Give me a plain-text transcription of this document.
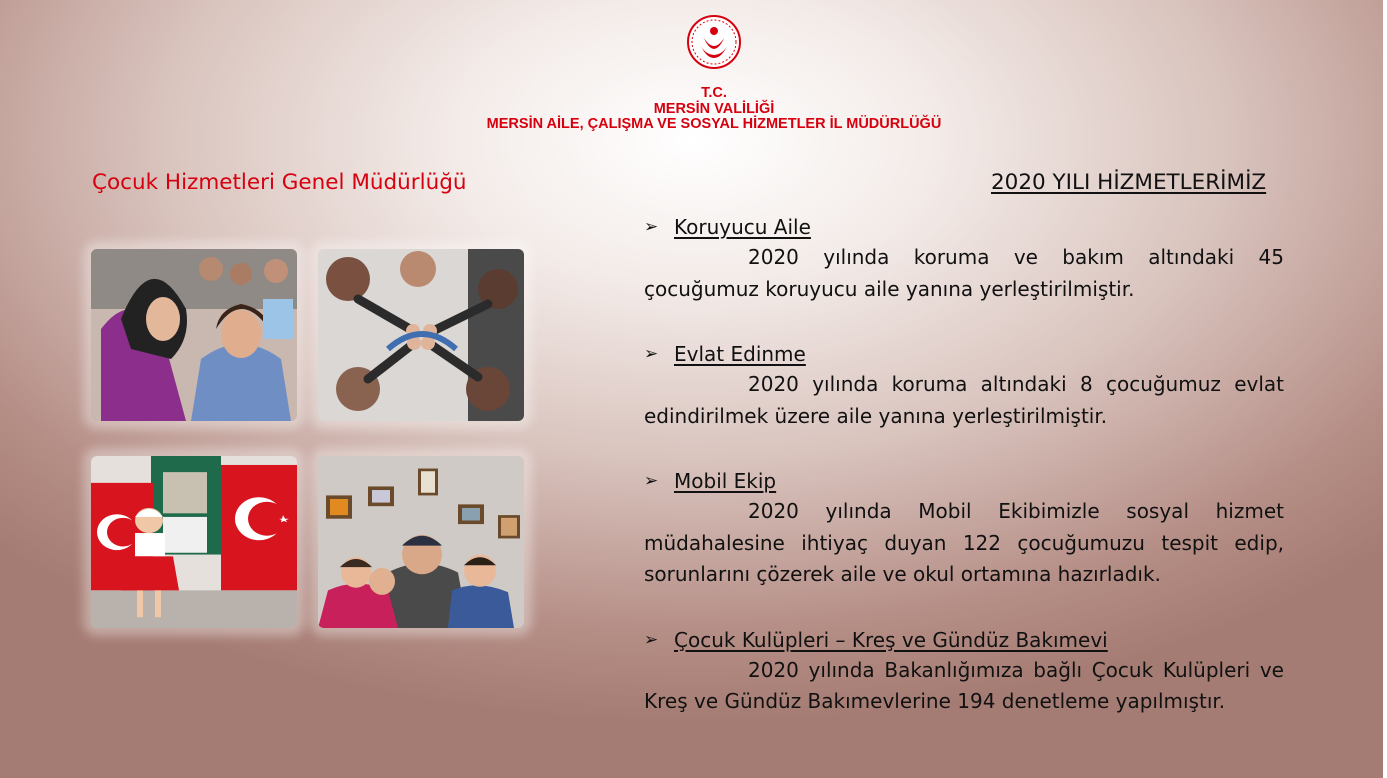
T.C.
MERSİN VALİLİĞİ
MERSİN AİLE, ÇALIŞMA VE SOSYAL HİZMETLER İL MÜDÜRLÜĞÜ
Çocuk Hizmetleri Genel Müdürlüğü	2020 YILI HİZMETLERİMİZ
➢ Koruyucu Aile
2020 yılında koruma ve bakım altındaki 45 çocuğumuz koruyucu aile yanına yerleştirilmiştir.
➢ Evlat Edinme
2020 yılında koruma altındaki 8 çocuğumuz evlat edindirilmek üzere aile yanına yerleştirilmiştir.
➢ Mobil Ekip
2020 yılında Mobil Ekibimizle sosyal hizmet müdahalesine ihtiyaç duyan 122 çocuğumuzu tespit edip, sorunlarını çözerek aile ve okul ortamına hazırladık.
➢ Çocuk Kulüpleri – Kreş ve Gündüz Bakımevi
2020 yılında Bakanlığımıza bağlı Çocuk Kulüpleri ve Kreş ve Gündüz Bakımevlerine 194 denetleme yapılmıştır.
